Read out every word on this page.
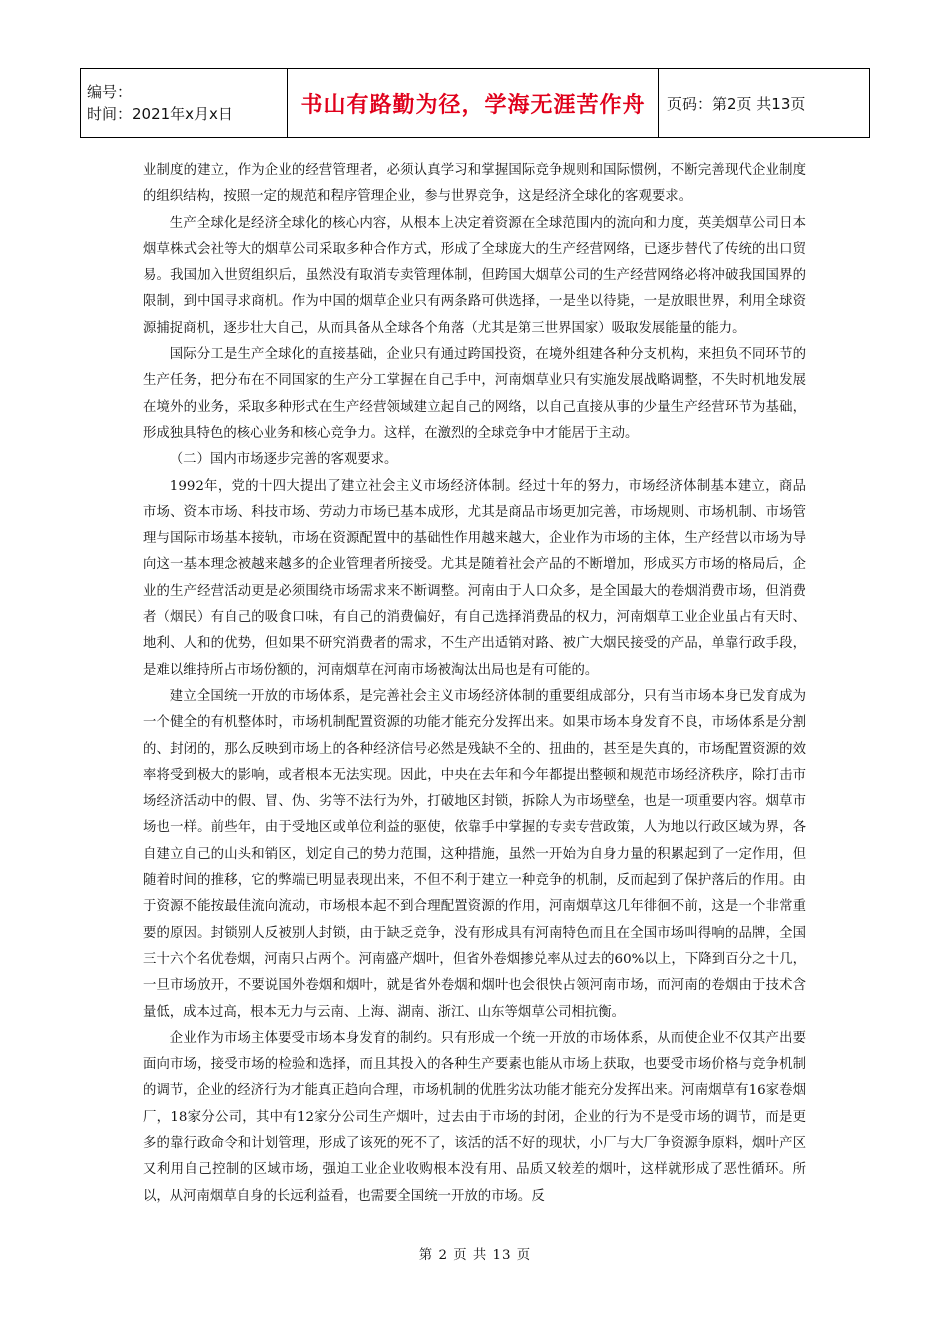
编号：
时间：2021年x月x日	书山有路勤为径，学海无涯苦作舟	页码：第2页 共13页

业制度的建立，作为企业的经营管理者，必须认真学习和掌握国际竞争规则和国际惯例，不断完善现代企业制度的组织结构，按照一定的规范和程序管理企业，参与世界竞争，这是经济全球化的客观要求。

生产全球化是经济全球化的核心内容，从根本上决定着资源在全球范围内的流向和力度，英美烟草公司日本烟草株式会社等大的烟草公司采取多种合作方式，形成了全球庞大的生产经营网络，已逐步替代了传统的出口贸易。我国加入世贸组织后，虽然没有取消专卖管理体制，但跨国大烟草公司的生产经营网络必将冲破我国国界的限制，到中国寻求商机。作为中国的烟草企业只有两条路可供选择，一是坐以待毙，一是放眼世界，利用全球资源捕捉商机，逐步壮大自己，从而具备从全球各个角落（尤其是第三世界国家）吸取发展能量的能力。

国际分工是生产全球化的直接基础，企业只有通过跨国投资，在境外组建各种分支机构，来担负不同环节的生产任务，把分布在不同国家的生产分工掌握在自己手中，河南烟草业只有实施发展战略调整，不失时机地发展在境外的业务，采取多种形式在生产经营领域建立起自己的网络，以自己直接从事的少量生产经营环节为基础，形成独具特色的核心业务和核心竞争力。这样，在激烈的全球竞争中才能居于主动。

（二）国内市场逐步完善的客观要求。

1992年，党的十四大提出了建立社会主义市场经济体制。经过十年的努力，市场经济体制基本建立，商品市场、资本市场、科技市场、劳动力市场已基本成形，尤其是商品市场更加完善，市场规则、市场机制、市场管理与国际市场基本接轨，市场在资源配置中的基础性作用越来越大，企业作为市场的主体，生产经营以市场为导向这一基本理念被越来越多的企业管理者所接受。尤其是随着社会产品的不断增加，形成买方市场的格局后，企业的生产经营活动更是必须围绕市场需求来不断调整。河南由于人口众多，是全国最大的卷烟消费市场，但消费者（烟民）有自己的吸食口味，有自己的消费偏好，有自己选择消费品的权力，河南烟草工业企业虽占有天时、地利、人和的优势，但如果不研究消费者的需求，不生产出适销对路、被广大烟民接受的产品，单靠行政手段，是难以维持所占市场份额的，河南烟草在河南市场被淘汰出局也是有可能的。

建立全国统一开放的市场体系，是完善社会主义市场经济体制的重要组成部分，只有当市场本身已发育成为一个健全的有机整体时，市场机制配置资源的功能才能充分发挥出来。如果市场本身发育不良，市场体系是分割的、封闭的，那么反映到市场上的各种经济信号必然是残缺不全的、扭曲的，甚至是失真的，市场配置资源的效率将受到极大的影响，或者根本无法实现。因此，中央在去年和今年都提出整顿和规范市场经济秩序，除打击市场经济活动中的假、冒、伪、劣等不法行为外，打破地区封锁，拆除人为市场壁垒，也是一项重要内容。烟草市场也一样。前些年，由于受地区或单位利益的驱使，依靠手中掌握的专卖专营政策，人为地以行政区域为界，各自建立自己的山头和销区，划定自己的势力范围，这种措施，虽然一开始为自身力量的积累起到了一定作用，但随着时间的推移，它的弊端已明显表现出来，不但不利于建立一种竞争的机制，反而起到了保护落后的作用。由于资源不能按最佳流向流动，市场根本起不到合理配置资源的作用，河南烟草这几年徘徊不前，这是一个非常重要的原因。封锁别人反被别人封锁，由于缺乏竞争，没有形成具有河南特色而且在全国市场叫得响的品牌，全国三十六个名优卷烟，河南只占两个。河南盛产烟叶，但省外卷烟掺兑率从过去的60%以上，下降到百分之十几，一旦市场放开，不要说国外卷烟和烟叶，就是省外卷烟和烟叶也会很快占领河南市场，而河南的卷烟由于技术含量低，成本过高，根本无力与云南、上海、湖南、浙江、山东等烟草公司相抗衡。

企业作为市场主体要受市场本身发育的制约。只有形成一个统一开放的市场体系，从而使企业不仅其产出要面向市场，接受市场的检验和选择，而且其投入的各种生产要素也能从市场上获取，也要受市场价格与竞争机制的调节，企业的经济行为才能真正趋向合理，市场机制的优胜劣汰功能才能充分发挥出来。河南烟草有16家卷烟厂，18家分公司，其中有12家分公司生产烟叶，过去由于市场的封闭，企业的行为不是受市场的调节，而是更多的靠行政命令和计划管理，形成了该死的死不了，该活的活不好的现状，小厂与大厂争资源争原料，烟叶产区又利用自己控制的区域市场，强迫工业企业收购根本没有用、品质又较差的烟叶，这样就形成了恶性循环。所以，从河南烟草自身的长远利益看，也需要全国统一开放的市场。反

第 2 页 共 13 页
